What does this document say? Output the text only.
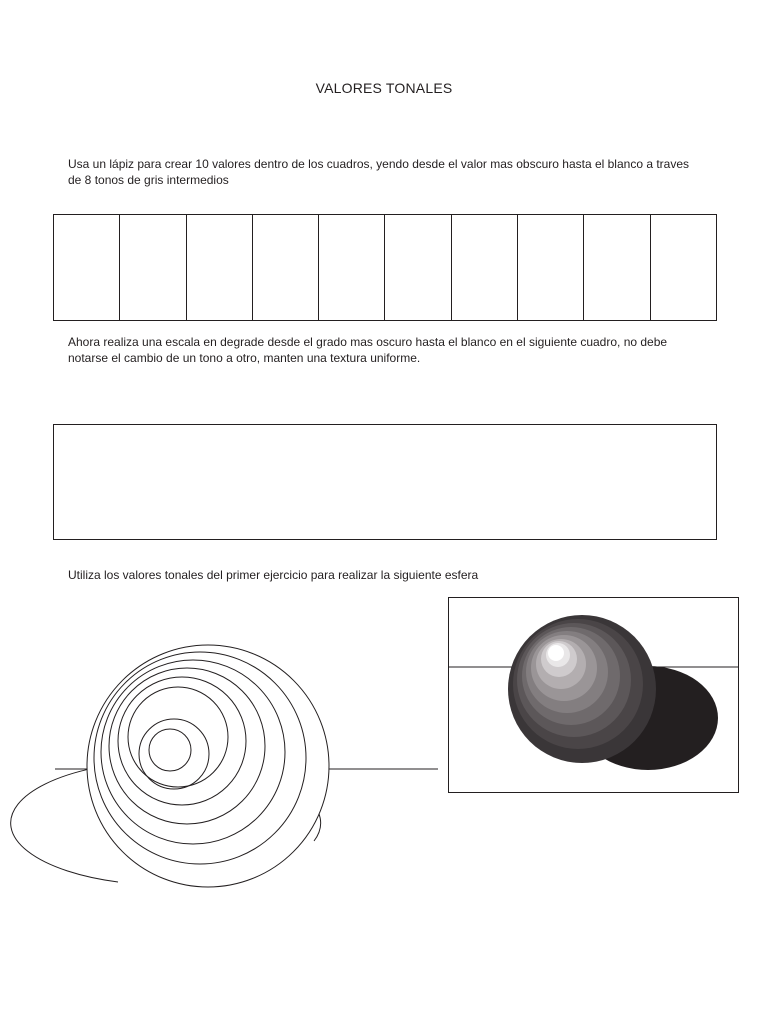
VALORES TONALES
Usa un lápiz para crear 10 valores dentro de los cuadros, yendo desde el valor mas obscuro hasta el blanco a traves
de 8 tonos de gris intermedios
Ahora realiza una escala en degrade desde el grado mas oscuro hasta el blanco en el siguiente cuadro, no debe
notarse el cambio de un tono a otro, manten una textura uniforme.
Utiliza los valores tonales del primer ejercicio para realizar la siguiente esfera
